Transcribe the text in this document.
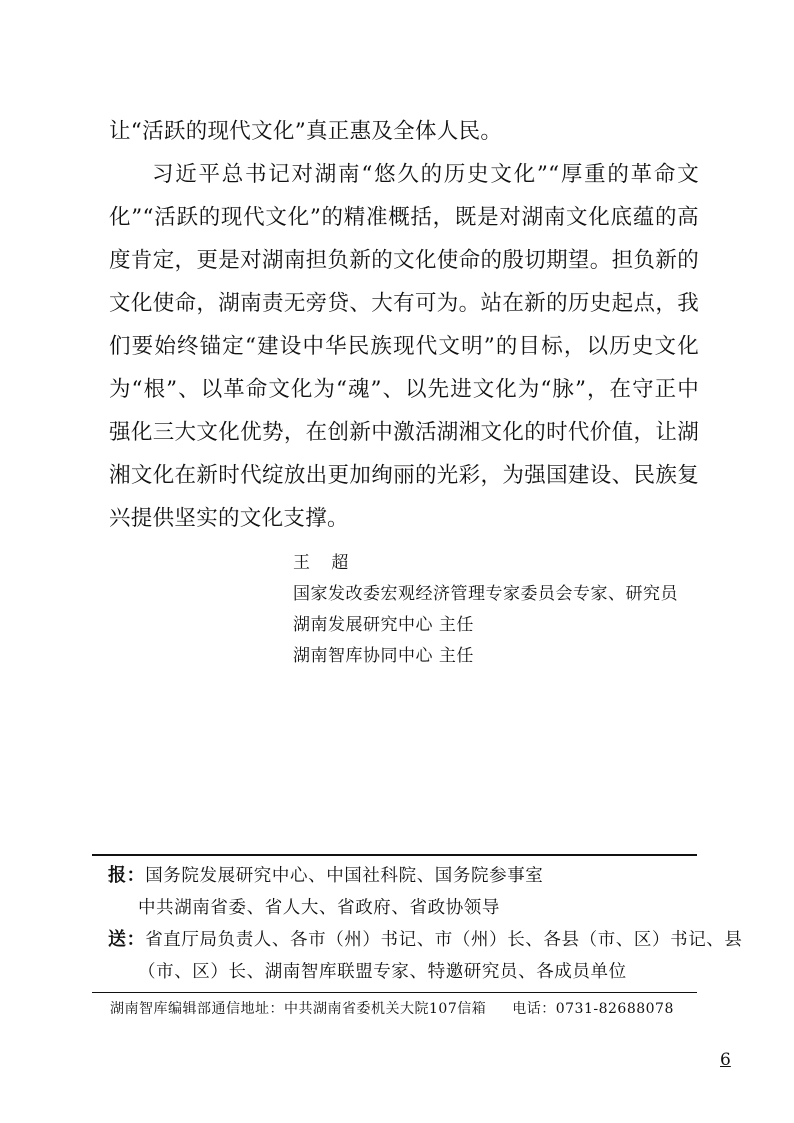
让“活跃的现代文化”真正惠及全体人民。

习近平总书记对湖南“悠久的历史文化”“厚重的革命文化”“活跃的现代文化”的精准概括，既是对湖南文化底蕴的高度肯定，更是对湖南担负新的文化使命的殷切期望。担负新的文化使命，湖南责无旁贷、大有可为。站在新的历史起点，我们要始终锚定“建设中华民族现代文明”的目标，以历史文化为“根”、以革命文化为“魂”、以先进文化为“脉”，在守正中强化三大文化优势，在创新中激活湖湘文化的时代价值，让湖湘文化在新时代绽放出更加绚丽的光彩，为强国建设、民族复兴提供坚实的文化支撑。

王 超
国家发改委宏观经济管理专家委员会专家、研究员
湖南发展研究中心 主任
湖南智库协同中心 主任
报：国务院发展研究中心、中国社科院、国务院参事室
中共湖南省委、省人大、省政府、省政协领导
送：省直厅局负责人、各市（州）书记、市（州）长、各县（市、区）书记、县
（市、区）长、湖南智库联盟专家、特邀研究员、各成员单位
湖南智库编辑部通信地址：中共湖南省委机关大院107信箱 电话：0731-82688078
6
